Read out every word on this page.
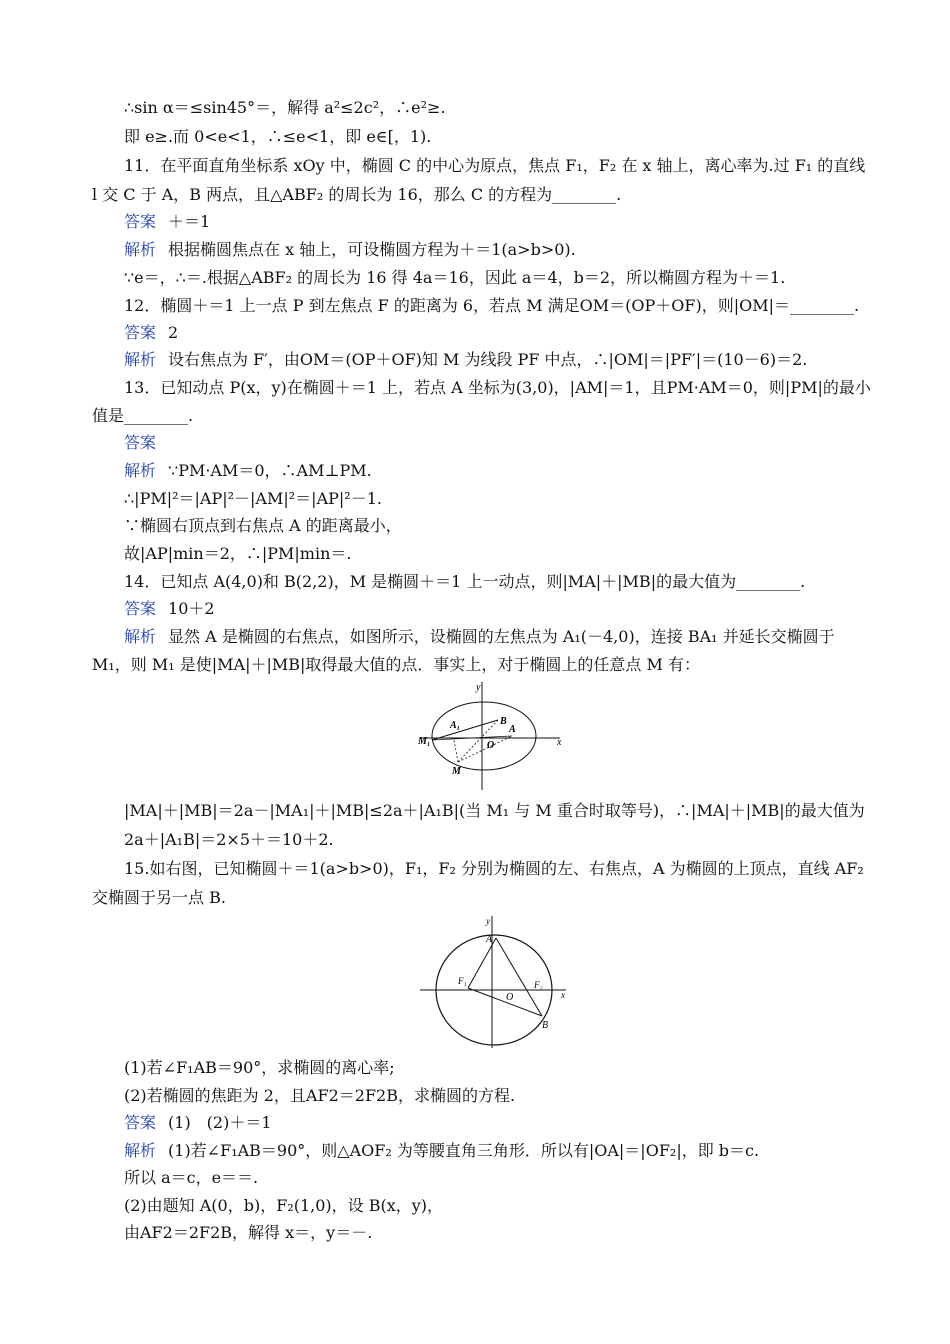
∴sin α＝≤sin45°＝，解得 a²≤2c²，∴e²≥.
即 e≥.而 0<e<1，∴≤e<1，即 e∈[，1).
11．在平面直角坐标系 xOy 中，椭圆 C 的中心为原点，焦点 F₁，F₂ 在 x 轴上，离心率为.过 F₁ 的直线
l 交 C 于 A，B 两点，且△ABF₂ 的周长为 16，那么 C 的方程为________.
答案 ＋＝1
解析 根据椭圆焦点在 x 轴上，可设椭圆方程为＋＝1(a>b>0).
∵e＝，∴＝.根据△ABF₂ 的周长为 16 得 4a＝16，因此 a＝4，b＝2，所以椭圆方程为＋＝1.
12．椭圆＋＝1 上一点 P 到左焦点 F 的距离为 6，若点 M 满足OM＝(OP＋OF)，则|OM|＝________.
答案 2
解析 设右焦点为 F′，由OM＝(OP＋OF)知 M 为线段 PF 中点，∴|OM|＝|PF′|＝(10－6)＝2.
13．已知动点 P(x，y)在椭圆＋＝1 上，若点 A 坐标为(3,0)，|AM|＝1，且PM·AM＝0，则|PM|的最小
值是________.
答案
解析 ∵PM·AM＝0，∴AM⊥PM.
∴|PM|²＝|AP|²－|AM|²＝|AP|²－1.
∵椭圆右顶点到右焦点 A 的距离最小，
故|AP|min＝2，∴|PM|min＝.
14．已知点 A(4,0)和 B(2,2)，M 是椭圆＋＝1 上一动点，则|MA|＋|MB|的最大值为________.
答案 10＋2
解析 显然 A 是椭圆的右焦点，如图所示，设椭圆的左焦点为 A₁(－4,0)，连接 BA₁ 并延长交椭圆于
M₁，则 M₁ 是使|MA|＋|MB|取得最大值的点．事实上，对于椭圆上的任意点 M 有：
y
x
A₁	B
A
O
M₁
M
|MA|＋|MB|＝2a－|MA₁|＋|MB|≤2a＋|A₁B|(当 M₁ 与 M 重合时取等号)，∴|MA|＋|MB|的最大值为
2a＋|A₁B|＝2×5＋＝10＋2.
15.如右图，已知椭圆＋＝1(a>b>0)，F₁，F₂ 分别为椭圆的左、右焦点，A 为椭圆的上顶点，直线 AF₂
交椭圆于另一点 B.
y
x
A
F₁	F₂
O
B
(1)若∠F₁AB＝90°，求椭圆的离心率;
(2)若椭圆的焦距为 2，且AF2＝2F2B，求椭圆的方程.
答案 (1)　(2)＋＝1
解析 (1)若∠F₁AB＝90°，则△AOF₂ 为等腰直角三角形．所以有|OA|＝|OF₂|，即 b＝c.
所以 a＝c，e＝＝.
(2)由题知 A(0，b)，F₂(1,0)，设 B(x，y)，
由AF2＝2F2B，解得 x＝，y＝－.
